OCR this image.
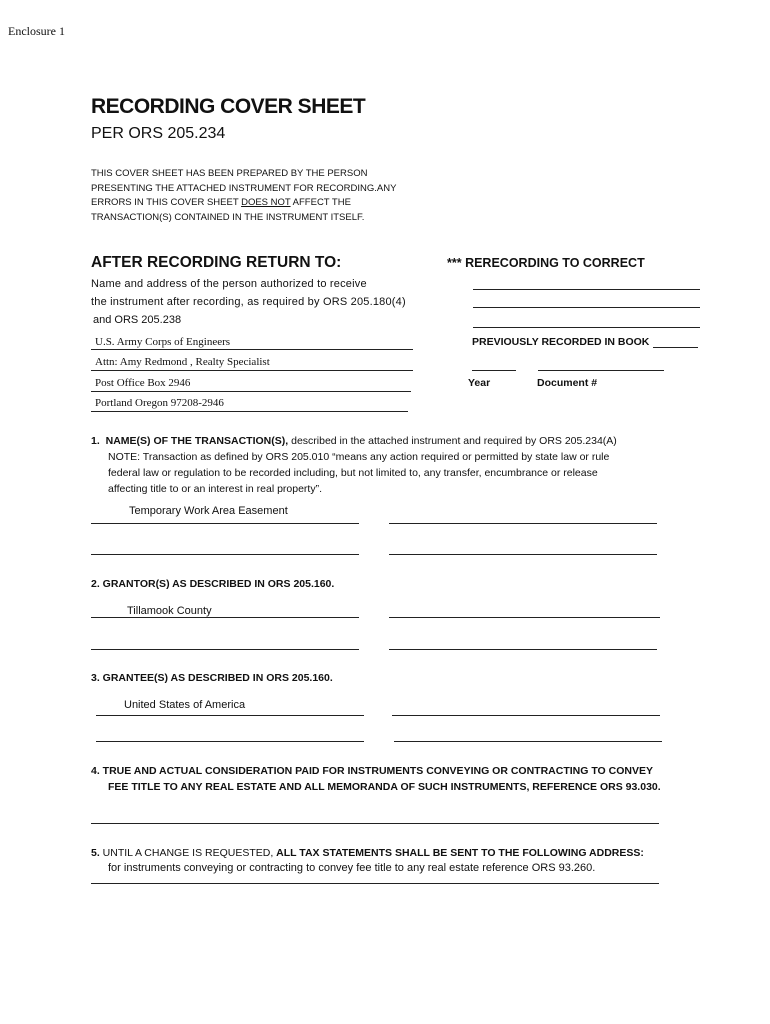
Enclosure 1
RECORDING COVER SHEET
PER ORS 205.234
THIS COVER SHEET HAS BEEN PREPARED BY THE PERSON
PRESENTING THE ATTACHED INSTRUMENT FOR RECORDING.ANY
ERRORS IN THIS COVER SHEET DOES NOT AFFECT THE
TRANSACTION(S) CONTAINED IN THE INSTRUMENT ITSELF.
AFTER RECORDING RETURN TO:
Name and address of the person authorized to receive
the instrument after recording, as required by ORS 205.180(4)
and ORS 205.238
U.S. Army Corps of Engineers
Attn: Amy Redmond , Realty Specialist
Post Office Box 2946
Portland Oregon 97208-2946
*** RERECORDING TO CORRECT
PREVIOUSLY RECORDED IN BOOK
Year	Document #
1. NAME(S) OF THE TRANSACTION(S), described in the attached instrument and required by ORS 205.234(A)
NOTE: Transaction as defined by ORS 205.010 “means any action required or permitted by state law or rule
federal law or regulation to be recorded including, but not limited to, any transfer, encumbrance or release
affecting title to or an interest in real property”.
Temporary Work Area Easement
2. GRANTOR(S) AS DESCRIBED IN ORS 205.160.
Tillamook County
3. GRANTEE(S) AS DESCRIBED IN ORS 205.160.
United States of America
4. TRUE AND ACTUAL CONSIDERATION PAID FOR INSTRUMENTS CONVEYING OR CONTRACTING TO CONVEY
FEE TITLE TO ANY REAL ESTATE AND ALL MEMORANDA OF SUCH INSTRUMENTS, REFERENCE ORS 93.030.
5. UNTIL A CHANGE IS REQUESTED, ALL TAX STATEMENTS SHALL BE SENT TO THE FOLLOWING ADDRESS:
for instruments conveying or contracting to convey fee title to any real estate reference ORS 93.260.
